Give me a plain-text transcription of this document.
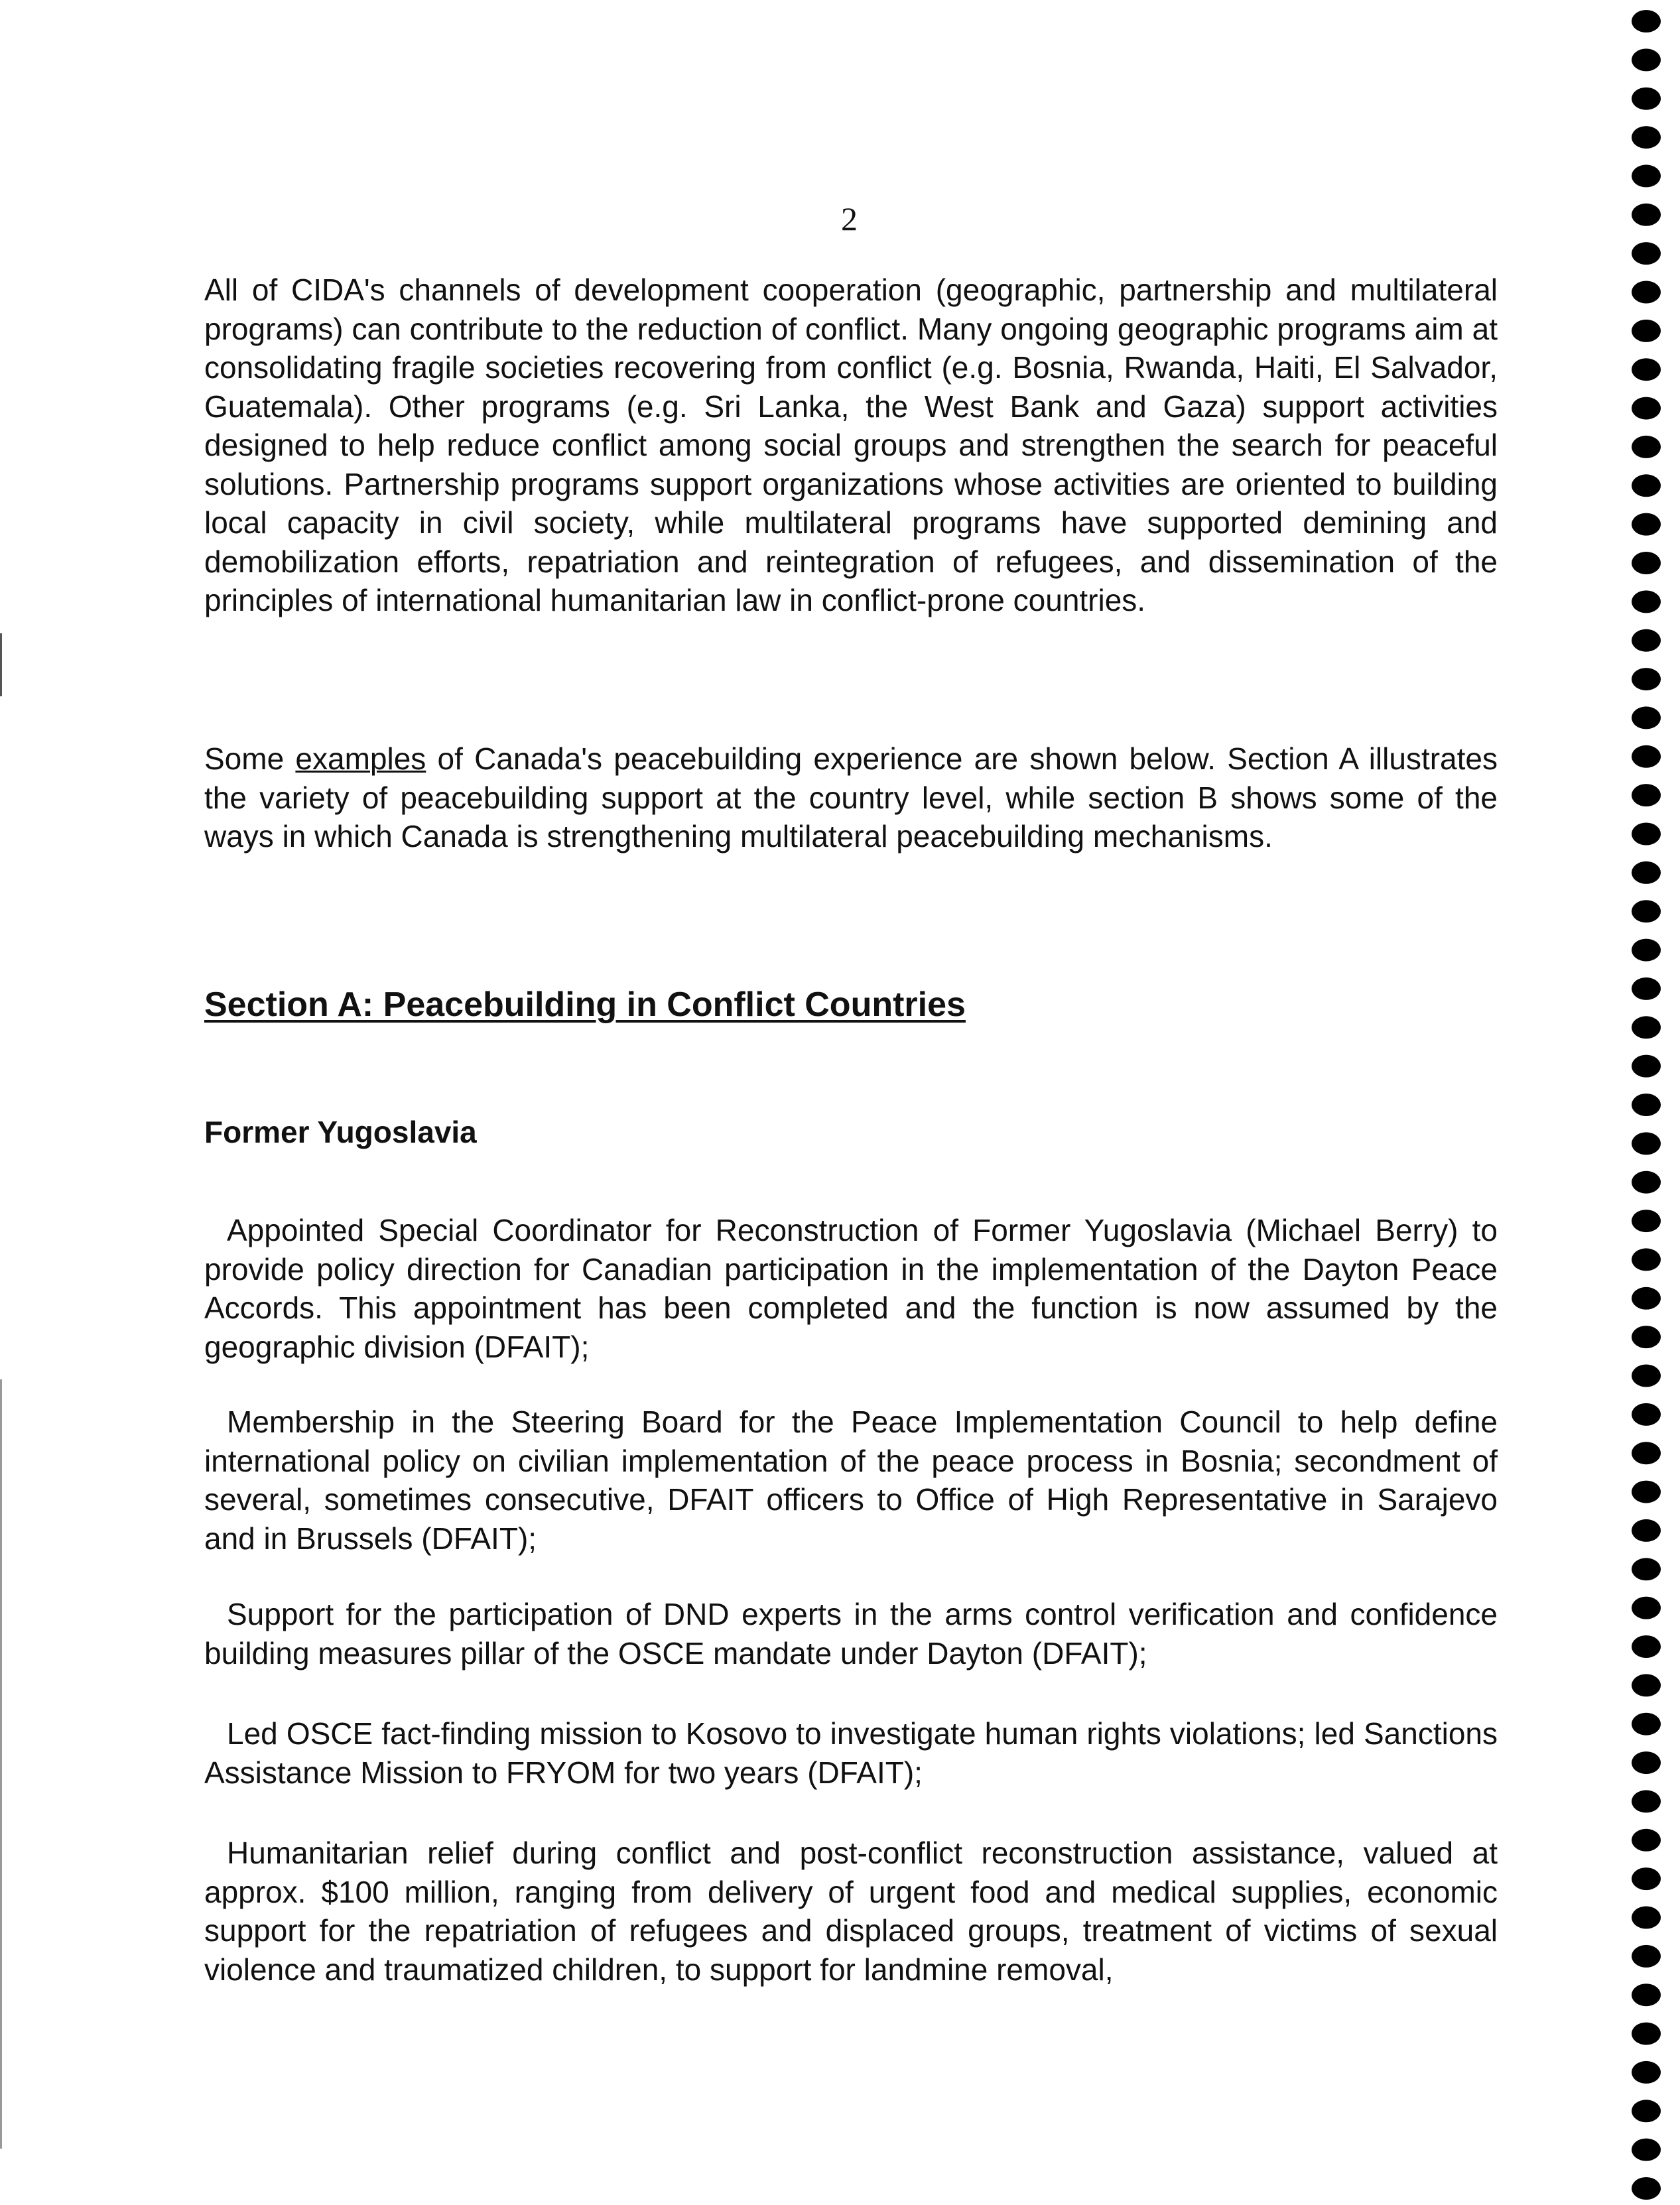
2

All of CIDA's channels of development cooperation (geographic, partnership and multilateral programs) can contribute to the reduction of conflict. Many ongoing geographic programs aim at consolidating fragile societies recovering from conflict (e.g. Bosnia, Rwanda, Haiti, El Salvador, Guatemala). Other programs (e.g. Sri Lanka, the West Bank and Gaza) support activities designed to help reduce conflict among social groups and strengthen the search for peaceful solutions. Partnership programs support organizations whose activities are oriented to building local capacity in civil society, while multilateral programs have supported demining and demobilization efforts, repatriation and reintegration of refugees, and dissemination of the principles of international humanitarian law in conflict-prone countries.

Some examples of Canada's peacebuilding experience are shown below. Section A illustrates the variety of peacebuilding support at the country level, while section B shows some of the ways in which Canada is strengthening multilateral peacebuilding mechanisms.

Section A: Peacebuilding in Conflict Countries
Former Yugoslavia

Appointed Special Coordinator for Reconstruction of Former Yugoslavia (Michael Berry) to provide policy direction for Canadian participation in the implementation of the Dayton Peace Accords. This appointment has been completed and the function is now assumed by the geographic division (DFAIT);

Membership in the Steering Board for the Peace Implementation Council to help define international policy on civilian implementation of the peace process in Bosnia; secondment of several, sometimes consecutive, DFAIT officers to Office of High Representative in Sarajevo and in Brussels (DFAIT);

Support for the participation of DND experts in the arms control verification and confidence building measures pillar of the OSCE mandate under Dayton (DFAIT);

Led OSCE fact-finding mission to Kosovo to investigate human rights violations; led Sanctions Assistance Mission to FRYOM for two years (DFAIT);

Humanitarian relief during conflict and post-conflict reconstruction assistance, valued at approx. $100 million, ranging from delivery of urgent food and medical supplies, economic support for the repatriation of refugees and displaced groups, treatment of victims of sexual violence and traumatized children, to support for landmine removal,
